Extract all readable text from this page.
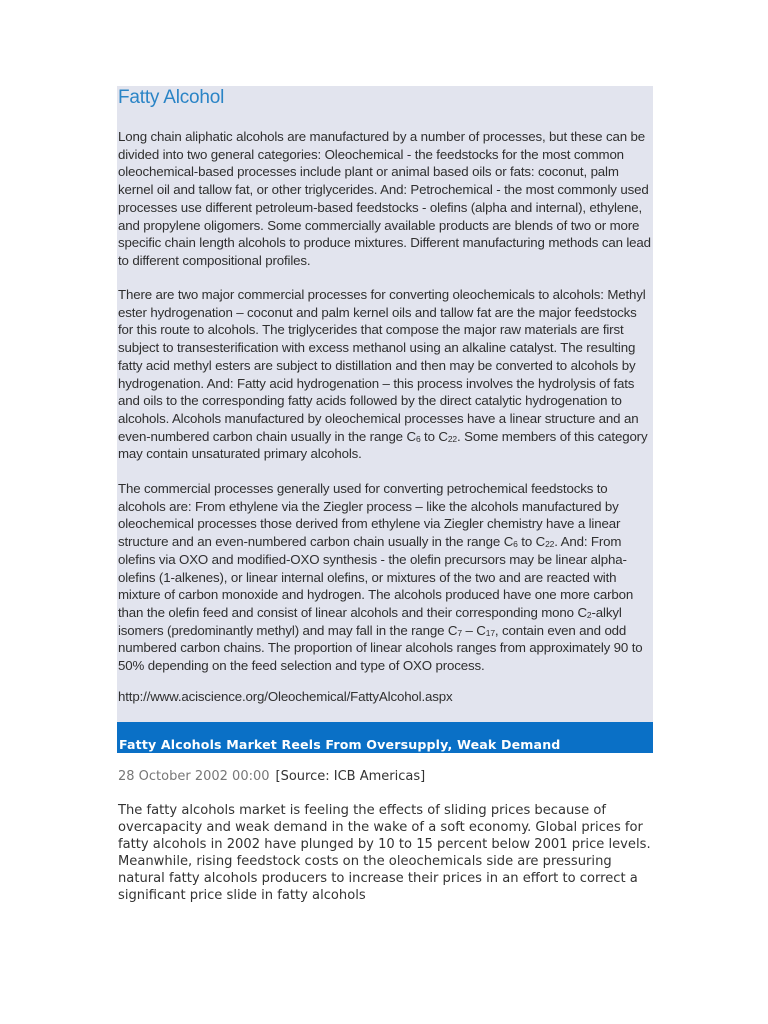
Fatty Alcohol

Long chain aliphatic alcohols are manufactured by a number of processes, but these can be divided into two general categories: Oleochemical - the feedstocks for the most common oleochemical-based processes include plant or animal based oils or fats: coconut, palm kernel oil and tallow fat, or other triglycerides. And: Petrochemical - the most commonly used processes use different petroleum-based feedstocks - olefins (alpha and internal), ethylene, and propylene oligomers. Some commercially available products are blends of two or more specific chain length alcohols to produce mixtures. Different manufacturing methods can lead to different compositional profiles.

There are two major commercial processes for converting oleochemicals to alcohols: Methyl ester hydrogenation – coconut and palm kernel oils and tallow fat are the major feedstocks for this route to alcohols. The triglycerides that compose the major raw materials are first subject to transesterification with excess methanol using an alkaline catalyst. The resulting fatty acid methyl esters are subject to distillation and then may be converted to alcohols by hydrogenation. And: Fatty acid hydrogenation – this process involves the hydrolysis of fats and oils to the corresponding fatty acids followed by the direct catalytic hydrogenation to alcohols. Alcohols manufactured by oleochemical processes have a linear structure and an even-numbered carbon chain usually in the range $C_6$ to $C_{22}$. Some members of this category may contain unsaturated primary alcohols.

The commercial processes generally used for converting petrochemical feedstocks to alcohols are: From ethylene via the Ziegler process – like the alcohols manufactured by oleochemical processes those derived from ethylene via Ziegler chemistry have a linear structure and an even-numbered carbon chain usually in the range $C_6$ to $C_{22}$. And: From olefins via OXO and modified-OXO synthesis - the olefin precursors may be linear alpha-olefins (1-alkenes), or linear internal olefins, or mixtures of the two and are reacted with mixture of carbon monoxide and hydrogen. The alcohols produced have one more carbon than the olefin feed and consist of linear alcohols and their corresponding mono $C_2$-alkyl isomers (predominantly methyl) and may fall in the range $C_7 - C_{17}$, contain even and odd numbered carbon chains. The proportion of linear alcohols ranges from approximately 90 to 50% depending on the feed selection and type of OXO process.

http://www.aciscience.org/Oleochemical/FattyAlcohol.aspx

Fatty Alcohols Market Reels From Oversupply, Weak Demand
28 October 2002 00:00 [Source: ICB Americas]

The fatty alcohols market is feeling the effects of sliding prices because of overcapacity and weak demand in the wake of a soft economy. Global prices for fatty alcohols in 2002 have plunged by 10 to 15 percent below 2001 price levels. Meanwhile, rising feedstock costs on the oleochemicals side are pressuring natural fatty alcohols producers to increase their prices in an effort to correct a significant price slide in fatty alcohols
